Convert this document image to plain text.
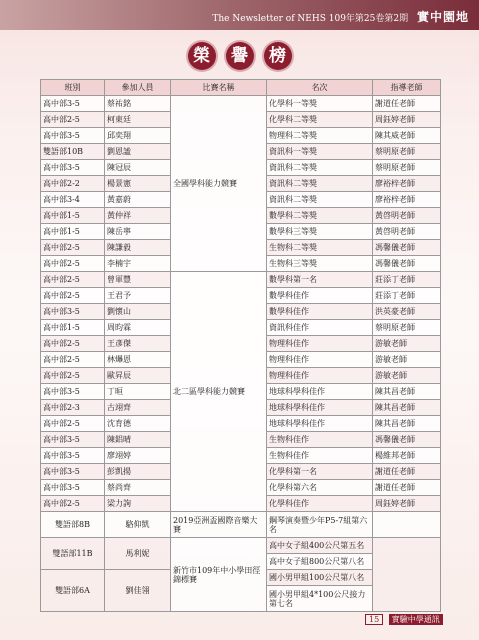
The Newsletter of NEHS 109年第25卷第2期 實中園地
榮	譽	榜
班別	參加人員	比賽名稱	名次	指導老師
高中部3-5	蔡祐銘	全國學科能力競賽	化學科一等獎	謝道任老師
高中部2-5	柯東廷		化學科二等獎	周鈺婷老師
高中部3-5	邱奕翔		物理科二等獎	陳其威老師
雙語部10B	劉恩謐		資訊科一等獎	蔡明原老師
高中部3-5	陳冠辰		資訊科二等獎	蔡明原老師
高中部2-2	楊景憲		資訊科二等獎	廖裕梓老師
高中部3-4	黃嘉蔚		資訊科二等獎	廖裕梓老師
高中部1-5	黃仲祥		數學科二等獎	黃啓明老師
高中部1-5	陳岳寧		數學科三等獎	黃啓明老師
高中部2-5	陳謙毅		生物科二等獎	馮馨儀老師
高中部2-5	李楠宇		生物科三等獎	馮馨儀老師
高中部2-5	曾軍豐	北二區學科能力競賽	數學科第一名	莊添丁老師
高中部2-5	王君予		數學科佳作	莊添丁老師
高中部3-5	劉懷山		數學科佳作	洪英豪老師
高中部1-5	周昀霖		資訊科佳作	蔡明原老師
高中部2-5	王彥傑		物理科佳作	游敏老師
高中部2-5	林爗恩		物理科佳作	游敏老師
高中部2-5	歐昇辰		物理科佳作	游敏老師
高中部3-5	丁晅		地球科學科佳作	陳其昌老師
高中部2-3	古翊齊		地球科學科佳作	陳其昌老師
高中部2-5	沈育德		地球科學科佳作	陳其昌老師
高中部3-5	陳鋁晴		生物科佳作	馮馨儀老師
高中部3-5	廖翊婷		生物科佳作	楊維邦老師
高中部3-5	彭凱揚		化學科第一名	謝道任老師
高中部3-5	蔡尚齊		化學科第六名	謝道任老師
高中部2-5	梁力詢		化學科佳作	周鈺婷老師
雙語部8B	駱仰凱	2019亞洲盃國際音樂大賽	鋼琴演奏暨少年P5-7組第六名	
雙語部11B	馬利妮	新竹市109年中小學田徑錦標賽	高中女子組400公尺第五名	
			高中女子組800公尺第八名	
雙語部6A	劉佳翎		國小男甲組100公尺第八名	
			國小男甲組4*100公尺接力第七名	
15 實驗中學通訊
